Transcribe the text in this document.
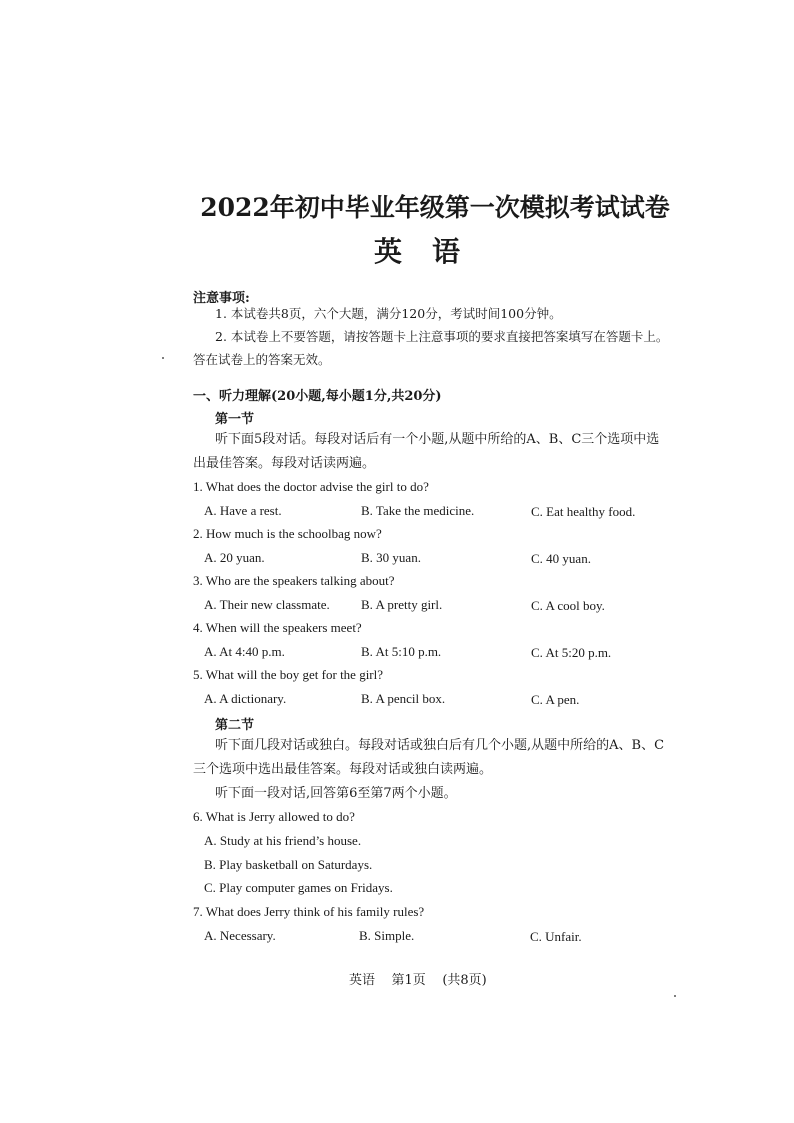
2022年初中毕业年级第一次模拟考试试卷
英语
注意事项:
1. 本试卷共8页，六个大题，满分120分，考试时间100分钟。
2. 本试卷上不要答题，请按答题卡上注意事项的要求直接把答案填写在答题卡上。答在试卷上的答案无效。
一、听力理解(20小题,每小题1分,共20分)
第一节
听下面5段对话。每段对话后有一个小题,从题中所给的A、B、C三个选项中选出最佳答案。每段对话读两遍。
1. What does the doctor advise the girl to do?
A. Have a rest.	B. Take the medicine.	C. Eat healthy food.
2. How much is the schoolbag now?
A. 20 yuan.	B. 30 yuan.	C. 40 yuan.
3. Who are the speakers talking about?
A. Their new classmate. B. A pretty girl.	C. A cool boy.
4. When will the speakers meet?
A. At 4:40 p.m.	B. At 5:10 p.m.	C. At 5:20 p.m.
5. What will the boy get for the girl?
A. A dictionary.	B. A pencil box.	C. A pen.
第二节
听下面几段对话或独白。每段对话或独白后有几个小题,从题中所给的A、B、C三个选项中选出最佳答案。每段对话或独白读两遍。
听下面一段对话,回答第6至第7两个小题。
6. What is Jerry allowed to do?
A. Study at his friend’s house.
B. Play basketball on Saturdays.
C. Play computer games on Fridays.
7. What does Jerry think of his family rules?
A. Necessary.	B. Simple.	C. Unfair.
英语    第1页    (共8页)
